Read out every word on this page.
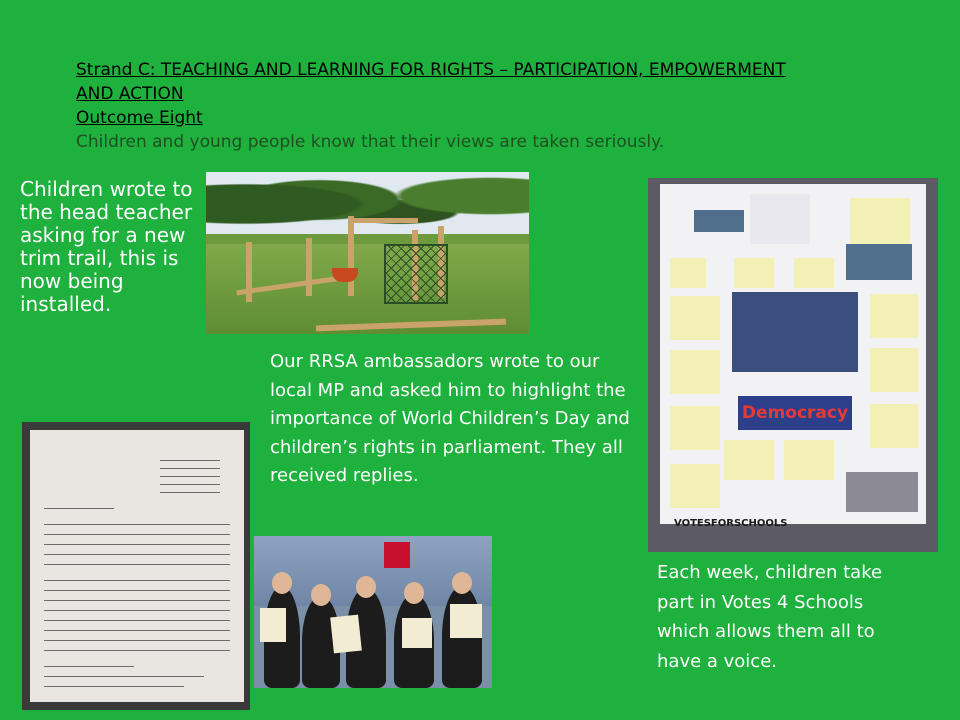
Strand C: TEACHING AND LEARNING FOR RIGHTS – PARTICIPATION, EMPOWERMENT
AND ACTION
Outcome Eight
Children and young people know that their views are taken seriously.
Children wrote to the head teacher asking for a new trim trail, this is now being installed.
Our RRSA ambassadors wrote to our local MP and asked him to highlight the importance of World Children’s Day and children’s rights in parliament. They all received replies.
Democracy
VOTESFORSCHOOLS
Each week, children take part in Votes 4 Schools which allows them all to have a voice.
